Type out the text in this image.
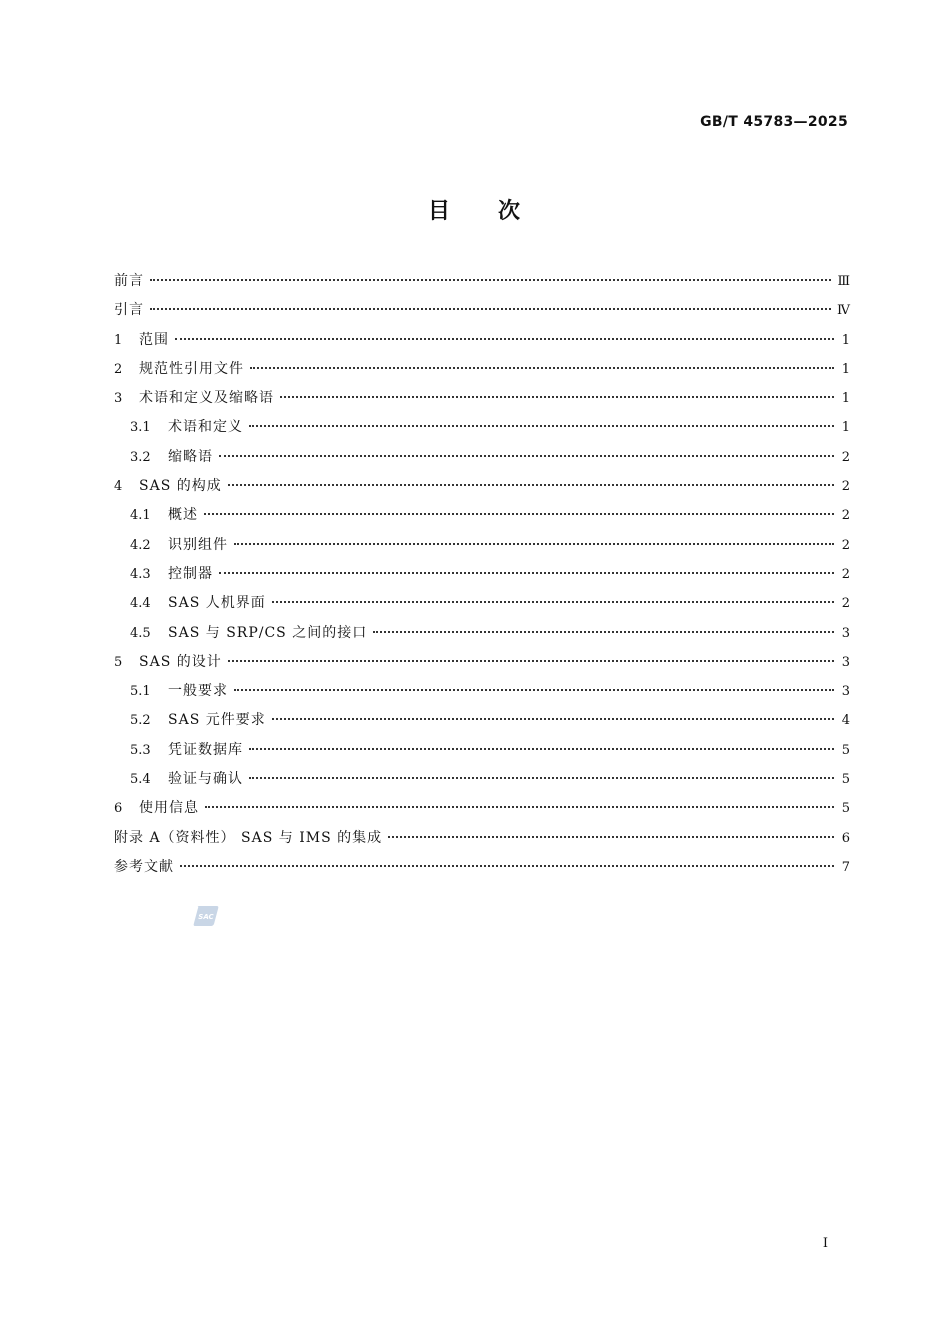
GB/T 45783—2025
目 次
前言	Ⅲ
引言	Ⅳ
1	范围	1
2	规范性引用文件	1
3	术语和定义及缩略语	1
3.1	术语和定义	1
3.2	缩略语	2
4	SAS 的构成	2
4.1	概述	2
4.2	识别组件	2
4.3	控制器	2
4.4	SAS 人机界面	2
4.5	SAS 与 SRP/CS 之间的接口	3
5	SAS 的设计	3
5.1	一般要求	3
5.2	SAS 元件要求	4
5.3	凭证数据库	5
5.4	验证与确认	5
6	使用信息	5
附录 A（资料性） SAS 与 IMS 的集成	6
参考文献	7
SAC
I
